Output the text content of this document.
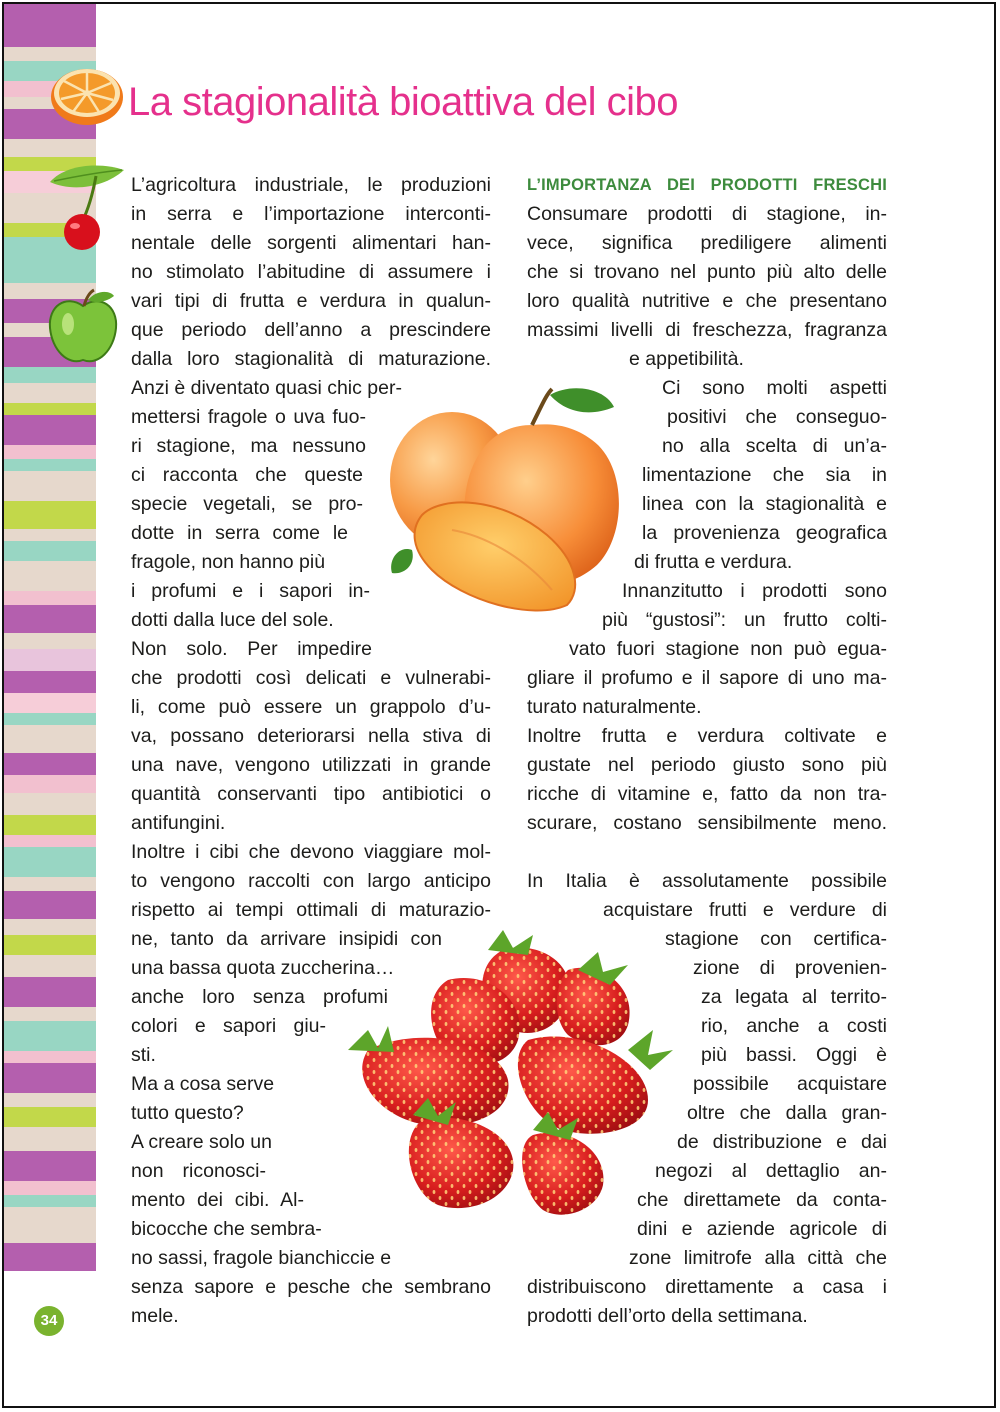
La stagionalità bioattiva del cibo
L’agricoltura industriale, le produzioni
in serra e l’importazione interconti-
nentale delle sorgenti alimentari han-
no stimolato l’abitudine di assumere i
vari tipi di frutta e verdura in qualun-
que periodo dell’anno a prescindere
dalla loro stagionalità di maturazione.
Anzi è diventato quasi chic per-
mettersi fragole o uva fuo-
ri stagione, ma nessuno
ci racconta che queste
specie vegetali, se pro-
dotte in serra come le
fragole, non hanno più
i profumi e i sapori in-
dotti dalla luce del sole.
Non solo. Per impedire
che prodotti così delicati e vulnerabi-
li, come può essere un grappolo d’u-
va, possano deteriorarsi nella stiva di
una nave, vengono utilizzati in grande
quantità conservanti tipo antibiotici o
antifungini.
Inoltre i cibi che devono viaggiare mol-
to vengono raccolti con largo anticipo
rispetto ai tempi ottimali di maturazio-
ne, tanto da arrivare insipidi con
una bassa quota zuccherina…
anche loro senza profumi
colori e sapori giu-
sti.
Ma a cosa serve
tutto questo?
A creare solo un
non riconosci-
mento dei cibi. Al-
bicocche che sembra-
no sassi, fragole bianchiccie e
senza sapore e pesche che sembrano
mele.
L’IMPORTANZA DEI PRODOTTI FRESCHI
Consumare prodotti di stagione, in-
vece, significa prediligere alimenti
che si trovano nel punto più alto delle
loro qualità nutritive e che presentano
massimi livelli di freschezza, fragranza
e appetibilità.
Ci sono molti aspetti
positivi che conseguo-
no alla scelta di un’a-
limentazione che sia in
linea con la stagionalità e
la provenienza geografica
di frutta e verdura.
Innanzitutto i prodotti sono
più “gustosi”: un frutto colti-
vato fuori stagione non può egua-
gliare il profumo e il sapore di uno ma-
turato naturalmente.
Inoltre frutta e verdura coltivate e
gustate nel periodo giusto sono più
ricche di vitamine e, fatto da non tra-
scurare, costano sensibilmente meno.
In Italia è assolutamente possibile
acquistare frutti e verdure di
stagione con certifica-
zione di provenien-
za legata al territo-
rio, anche a costi
più bassi. Oggi è
possibile acquistare
oltre che dalla gran-
de distribuzione e dai
negozi al dettaglio an-
che direttamete da conta-
dini e aziende agricole di
zone limitrofe alla città che
distribuiscono direttamente a casa i
prodotti dell’orto della settimana.
34
